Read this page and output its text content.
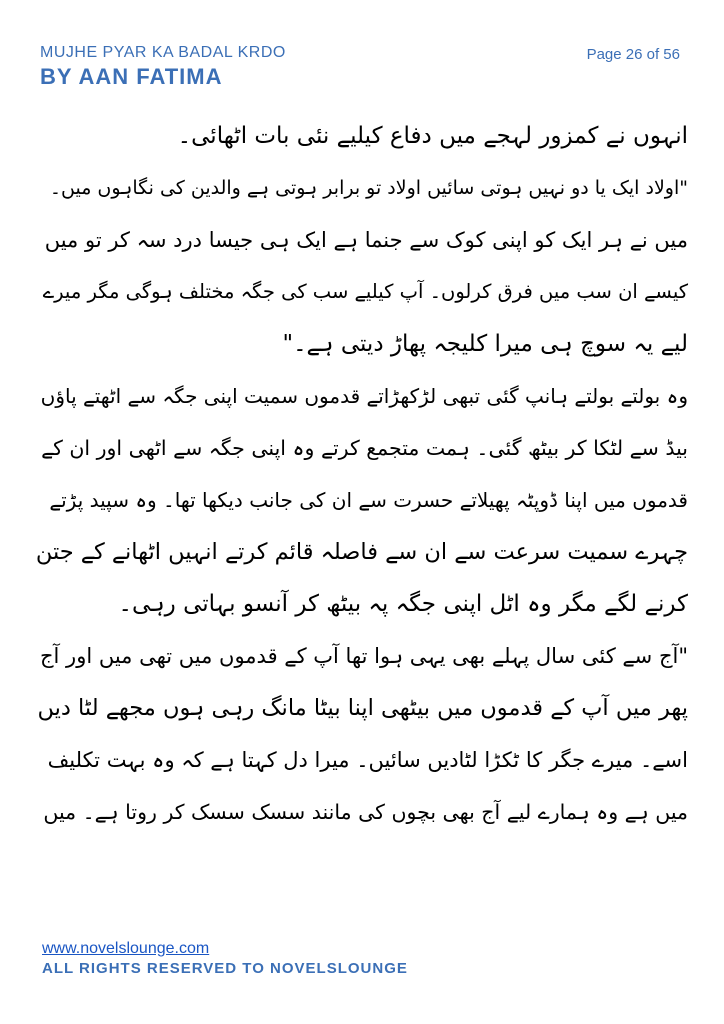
MUJHE PYAR KA BADAL KRDO
BY AAN FATIMA
Page 26 of 56
انہوں نے کمزور لہجے میں دفاع کیلیے نئی بات اٹھائی۔
"اولاد ایک یا دو نہیں ہوتی سائیں اولاد تو برابر ہوتی ہے والدین کی نگاہوں میں۔
میں نے ہر ایک کو اپنی کوک سے جنما ہے ایک ہی جیسا درد سہ کر تو میں
کیسے ان سب میں فرق کرلوں۔ آپ کیلیے سب کی جگہ مختلف ہوگی مگر میرے
لیے یہ سوچ ہی میرا کلیجہ پھاڑ دیتی ہے۔"
وہ بولتے بولتے ہانپ گئی تبھی لڑکھڑاتے قدموں سمیت اپنی جگہ سے اٹھتے پاؤں
بیڈ سے لٹکا کر بیٹھ گئی۔ ہمت متجمع کرتے وہ اپنی جگہ سے اٹھی اور ان کے
قدموں میں اپنا ڈوپٹہ پھیلاتے حسرت سے ان کی جانب دیکھا تھا۔ وہ سپید پڑتے
چہرے سمیت سرعت سے ان سے فاصلہ قائم کرتے انہیں اٹھانے کے جتن
کرنے لگے مگر وہ اٹل اپنی جگہ پہ بیٹھ کر آنسو بہاتی رہی۔
"آج سے کئی سال پہلے بھی یہی ہوا تھا آپ کے قدموں میں تھی میں اور آج
پھر میں آپ کے قدموں میں بیٹھی اپنا بیٹا مانگ رہی ہوں مجھے لٹا دیں
اسے۔ میرے جگر کا ٹکڑا لٹادیں سائیں۔ میرا دل کہتا ہے کہ وہ بہت تکلیف
میں ہے وہ ہمارے لیے آج بھی بچوں کی مانند سسک سسک کر روتا ہے۔ میں
www.novelslounge.com
ALL RIGHTS RESERVED TO NOVELSLOUNGE
